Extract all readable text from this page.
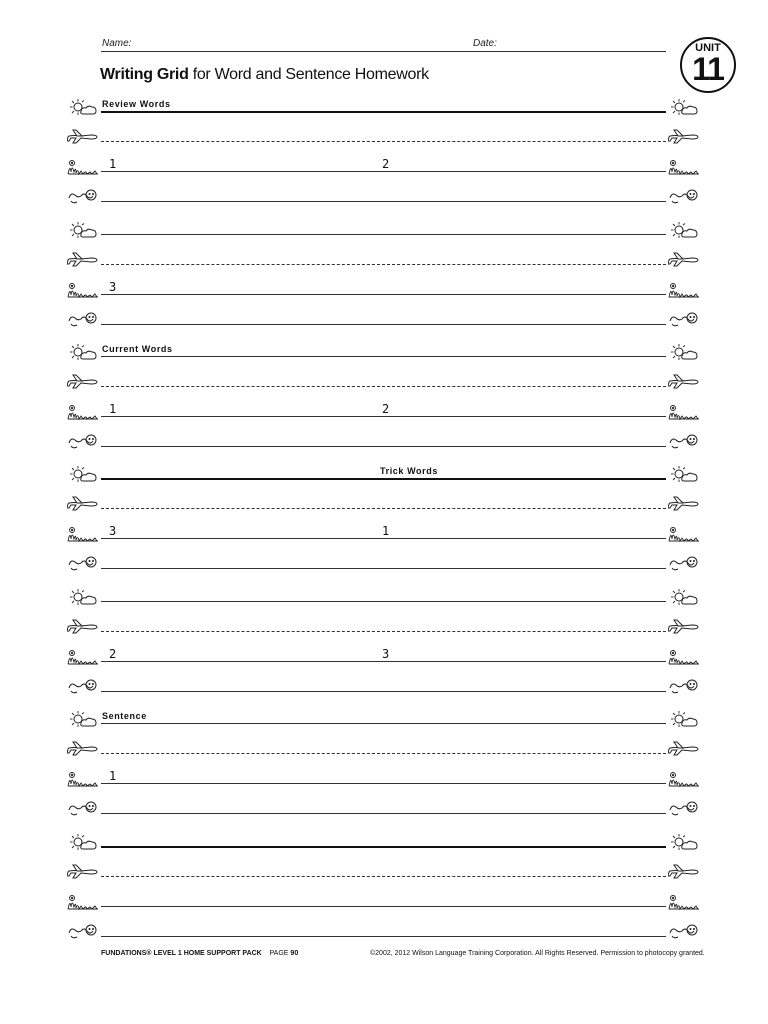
Name:	Date:
Writing Grid for Word and Sentence Homework
UNIT
11
Review Words
1	2
3
Current Words
1	2
Trick Words
3	1
2	3
Sentence
1
FUNDATIONS® LEVEL 1 HOME SUPPORT PACK PAGE 90	©2002, 2012 Wilson Language Training Corporation. All Rights Reserved. Permission to photocopy granted.
